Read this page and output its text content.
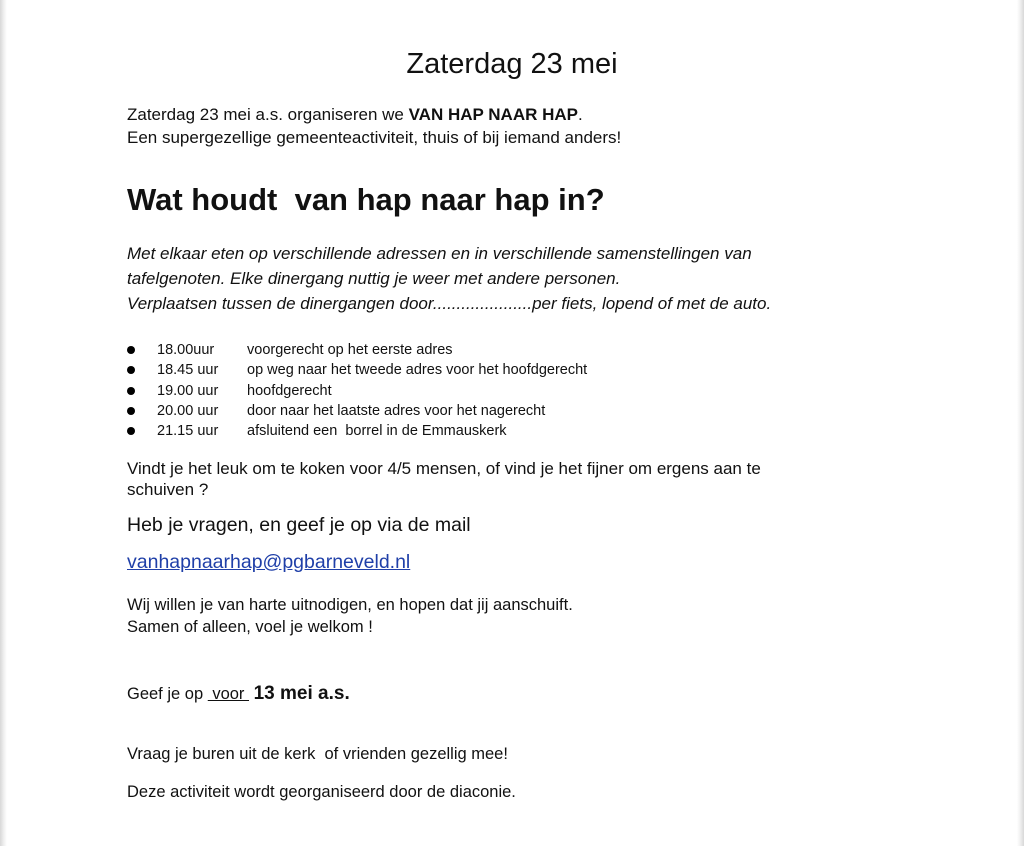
Zaterdag 23 mei
Zaterdag 23 mei a.s. organiseren we VAN HAP NAAR HAP.
Een supergezellige gemeenteactiviteit, thuis of bij iemand anders!
Wat houdt  van hap naar hap in?
Met elkaar eten op verschillende adressen en in verschillende samenstellingen van
tafelgenoten. Elke dinergang nuttig je weer met andere personen.
Verplaatsen tussen de dinergangen door.....................per fiets, lopend of met de auto.
18.00uur voorgerecht op het eerste adres
18.45 uur op weg naar het tweede adres voor het hoofdgerecht
19.00 uur hoofdgerecht
20.00 uur door naar het laatste adres voor het nagerecht
21.15 uur afsluitend een  borrel in de Emmauskerk
Vindt je het leuk om te koken voor 4/5 mensen, of vind je het fijner om ergens aan te
schuiven ?
Heb je vragen, en geef je op via de mail
vanhapnaarhap@pgbarneveld.nl
Wij willen je van harte uitnodigen, en hopen dat jij aanschuift.
Samen of alleen, voel je welkom !
Geef je op  voor  13 mei a.s.
Vraag je buren uit de kerk  of vrienden gezellig mee!
Deze activiteit wordt georganiseerd door de diaconie.
